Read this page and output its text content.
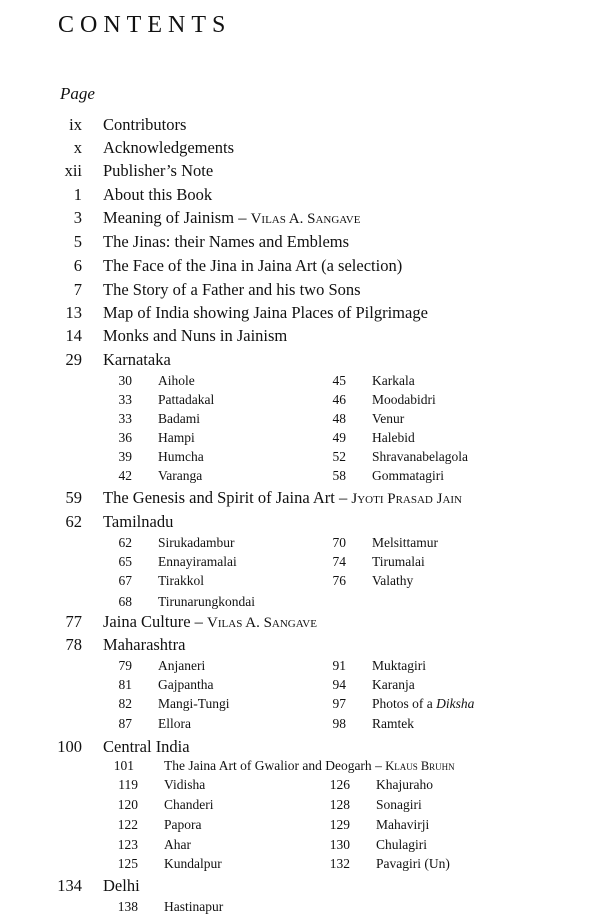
CONTENTS
Page
ix Contributors
x Acknowledgements
xii Publisher’s Note
1 About this Book
3 Meaning of Jainism – Vilas A. Sangave
5 The Jinas: their Names and Emblems
6 The Face of the Jina in Jaina Art (a selection)
7 The Story of a Father and his two Sons
13 Map of India showing Jaina Places of Pilgrimage
14 Monks and Nuns in Jainism
29 Karnataka
30 Aihole	45 Karkala
33 Pattadakal	46 Moodabidri
33 Badami	48 Venur
36 Hampi	49 Halebid
39 Humcha	52 Shravanabelagola
42 Varanga	58 Gommatagiri
59 The Genesis and Spirit of Jaina Art – Jyoti Prasad Jain
62 Tamilnadu
62 Sirukadambur	70 Melsittamur
65 Ennayiramalai	74 Tirumalai
67 Tirakkol	76 Valathy
68 Tirunarungkondai
77 Jaina Culture – Vilas A. Sangave
78 Maharashtra
79 Anjaneri	91 Muktagiri
81 Gajpantha	94 Karanja
82 Mangi-Tungi	97 Photos of a Diksha
87 Ellora	98 Ramtek
100 Central India
101 The Jaina Art of Gwalior and Deogarh – Klaus Bruhn
119 Vidisha	126 Khajuraho
120 Chanderi	128 Sonagiri
122 Papora	129 Mahavirji
123 Ahar	130 Chulagiri
125 Kundalpur	132 Pavagiri (Un)
134 Delhi
138 Hastinapur
